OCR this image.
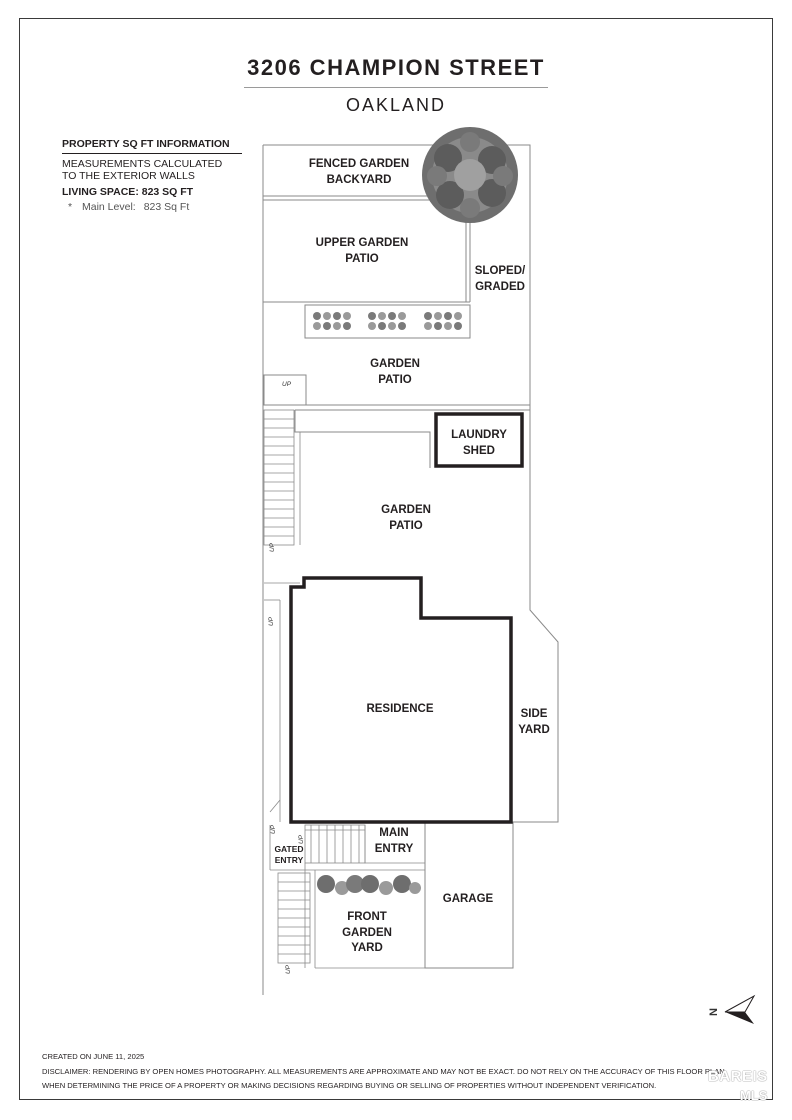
3206 CHAMPION STREET
OAKLAND
PROPERTY SQ FT INFORMATION
MEASUREMENTS CALCULATED
TO THE EXTERIOR WALLS
LIVING SPACE: 823 SQ FT
* Main Level: 823 Sq Ft
N
FENCED GARDEN
BACKYARD
UPPER GARDEN
PATIO
SLOPED/
GRADED
GARDEN
PATIO
LAUNDRY
SHED
GARDEN
PATIO
RESIDENCE	SIDE
YARD
MAIN
ENTRY
GATED
ENTRY
GARAGE
FRONT
GARDEN
YARD
UP
UP
UP
UP
UP
UP
CREATED ON JUNE 11, 2025
DISCLAIMER: RENDERING BY OPEN HOMES PHOTOGRAPHY. ALL MEASUREMENTS ARE APPROXIMATE AND MAY NOT BE EXACT. DO NOT RELY ON THE ACCURACY OF THIS FLOOR PLAN
WHEN DETERMINING THE PRICE OF A PROPERTY OR MAKING DECISIONS REGARDING BUYING OR SELLING OF PROPERTIES WITHOUT INDEPENDENT VERIFICATION.
BAREIS
MLS
